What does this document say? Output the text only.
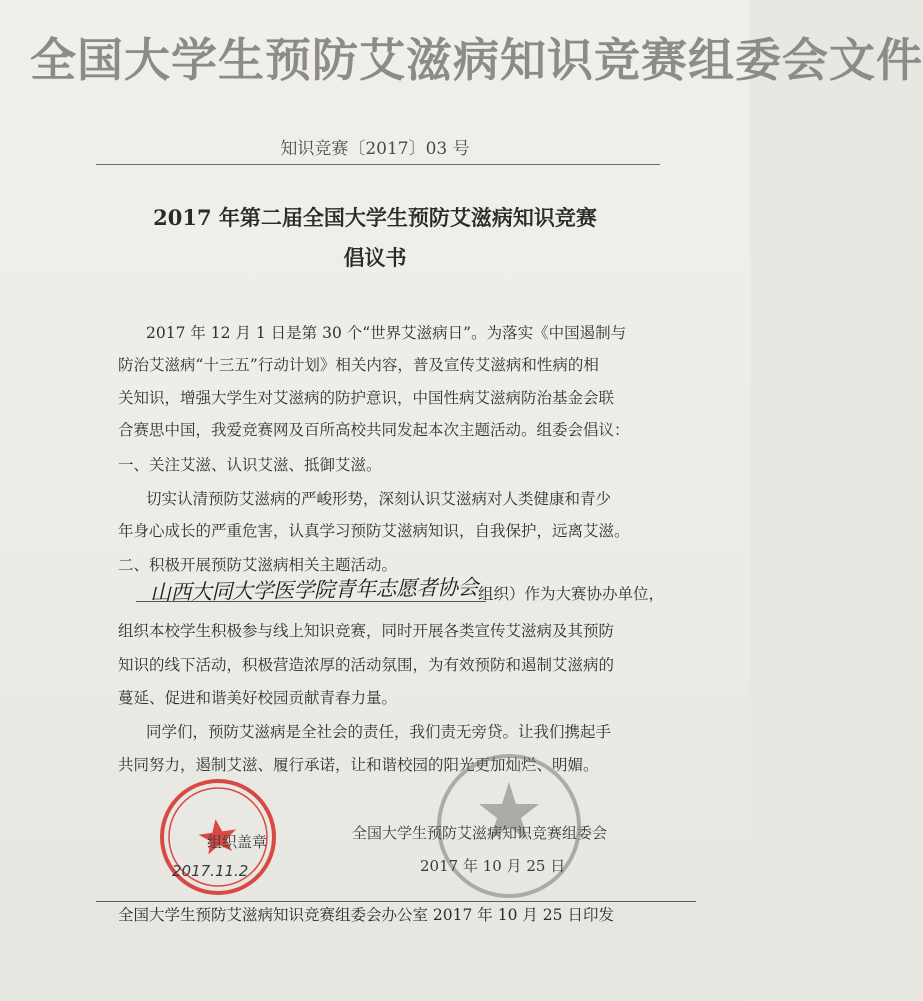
全国大学生预防艾滋病知识竞赛组委会文件
知识竞赛〔2017〕03 号
2017 年第二届全国大学生预防艾滋病知识竞赛
倡议书
2017 年 12 月 1 日是第 30 个“世界艾滋病日”。为落实《中国遏制与
防治艾滋病“十三五”行动计划》相关内容，普及宣传艾滋病和性病的相
关知识，增强大学生对艾滋病的防护意识，中国性病艾滋病防治基金会联
合赛思中国，我爱竞赛网及百所高校共同发起本次主题活动。组委会倡议：
一、关注艾滋、认识艾滋、抵御艾滋。
切实认清预防艾滋病的严峻形势，深刻认识艾滋病对人类健康和青少
年身心成长的严重危害，认真学习预防艾滋病知识，自我保护，远离艾滋。
二、积极开展预防艾滋病相关主题活动。
山西大同大学医学院青年志愿者协会 组织）作为大赛协办单位，
组织本校学生积极参与线上知识竞赛，同时开展各类宣传艾滋病及其预防
知识的线下活动，积极营造浓厚的活动氛围，为有效预防和遏制艾滋病的
蔓延、促进和谐美好校园贡献青春力量。
同学们，预防艾滋病是全社会的责任，我们责无旁贷。让我们携起手
共同努力，遏制艾滋、履行承诺，让和谐校园的阳光更加灿烂、明媚。
组织盖章
2017.11.2
全国大学生预防艾滋病知识竞赛组委会
2017 年 10 月 25 日
全国大学生预防艾滋病知识竞赛组委会办公室 2017 年 10 月 25 日印发
